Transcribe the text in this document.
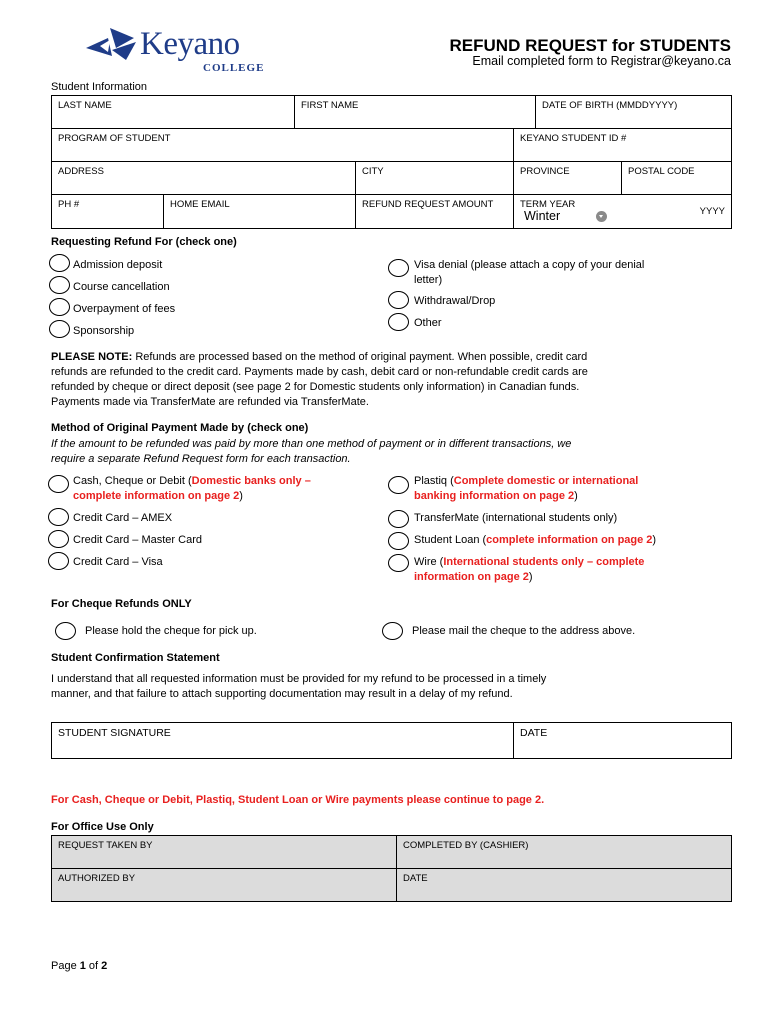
Keyano
COLLEGE
REFUND REQUEST for STUDENTS
Email completed form to Registrar@keyano.ca
Student Information
LAST NAME	FIRST NAME	DATE OF BIRTH (MMDDYYYY)
PROGRAM OF STUDENT	KEYANO STUDENT ID #
ADDRESS	CITY	PROVINCE	POSTAL CODE
PH #	HOME EMAIL	REFUND REQUEST AMOUNT	TERM YEAR
Winter	YYYY
Requesting Refund For (check one)
Admission deposit
Course cancellation
Overpayment of fees
Sponsorship
Visa denial (please attach a copy of your denial
letter)
Withdrawal/Drop
Other
PLEASE NOTE: Refunds are processed based on the method of original payment. When possible, credit card
refunds are refunded to the credit card. Payments made by cash, debit card or non-refundable credit cards are
refunded by cheque or direct deposit (see page 2 for Domestic students only information) in Canadian funds.
Payments made via TransferMate are refunded via TransferMate.
Method of Original Payment Made by (check one)
If the amount to be refunded was paid by more than one method of payment or in different transactions, we
require a separate Refund Request form for each transaction.
Cash, Cheque or Debit (Domestic banks only –
complete information on page 2)
Credit Card – AMEX
Credit Card – Master Card
Credit Card – Visa
Plastiq (Complete domestic or international
banking information on page 2)
TransferMate (international students only)
Student Loan (complete information on page 2)
Wire (International students only – complete
information on page 2)
For Cheque Refunds ONLY
Please hold the cheque for pick up.	Please mail the cheque to the address above.
Student Confirmation Statement
I understand that all requested information must be provided for my refund to be processed in a timely
manner, and that failure to attach supporting documentation may result in a delay of my refund.
STUDENT SIGNATURE	DATE
For Cash, Cheque or Debit, Plastiq, Student Loan or Wire payments please continue to page 2.
For Office Use Only
REQUEST TAKEN BY	COMPLETED BY (CASHIER)
AUTHORIZED BY	DATE
Page 1 of 2
